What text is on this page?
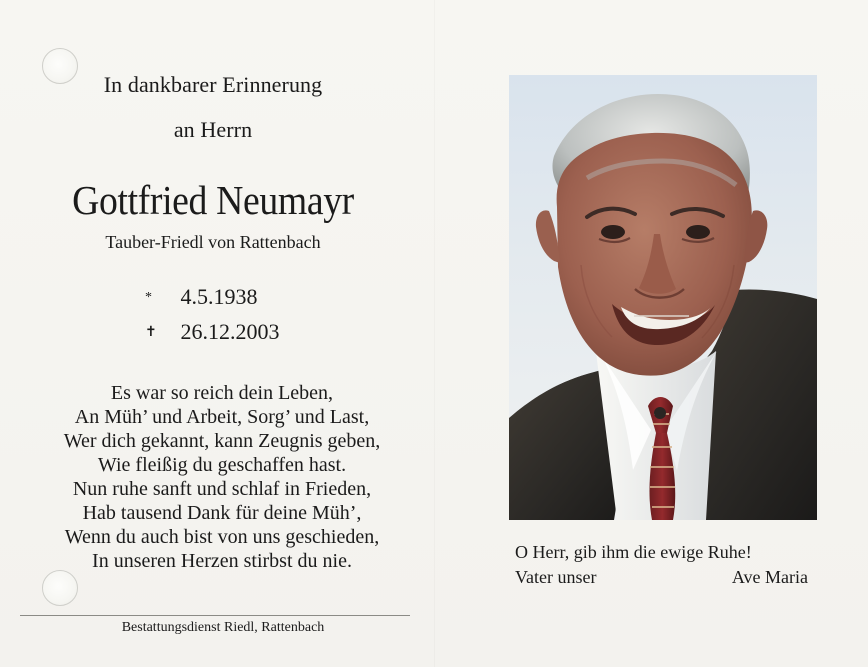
In dankbarer Erinnerung
an Herrn
Gottfried Neumayr
Tauber-Friedl von Rattenbach
* 4.5.1938
✝ 26.12.2003
Es war so reich dein Leben,
An Müh’ und Arbeit, Sorg’ und Last,
Wer dich gekannt, kann Zeugnis geben,
Wie fleißig du geschaffen hast.
Nun ruhe sanft und schlaf in Frieden,
Hab tausend Dank für deine Müh’,
Wenn du auch bist von uns geschieden,
In unseren Herzen stirbst du nie.
Bestattungsdienst Riedl, Rattenbach
O Herr, gib ihm die ewige Ruhe!
Vater unser	Ave Maria
